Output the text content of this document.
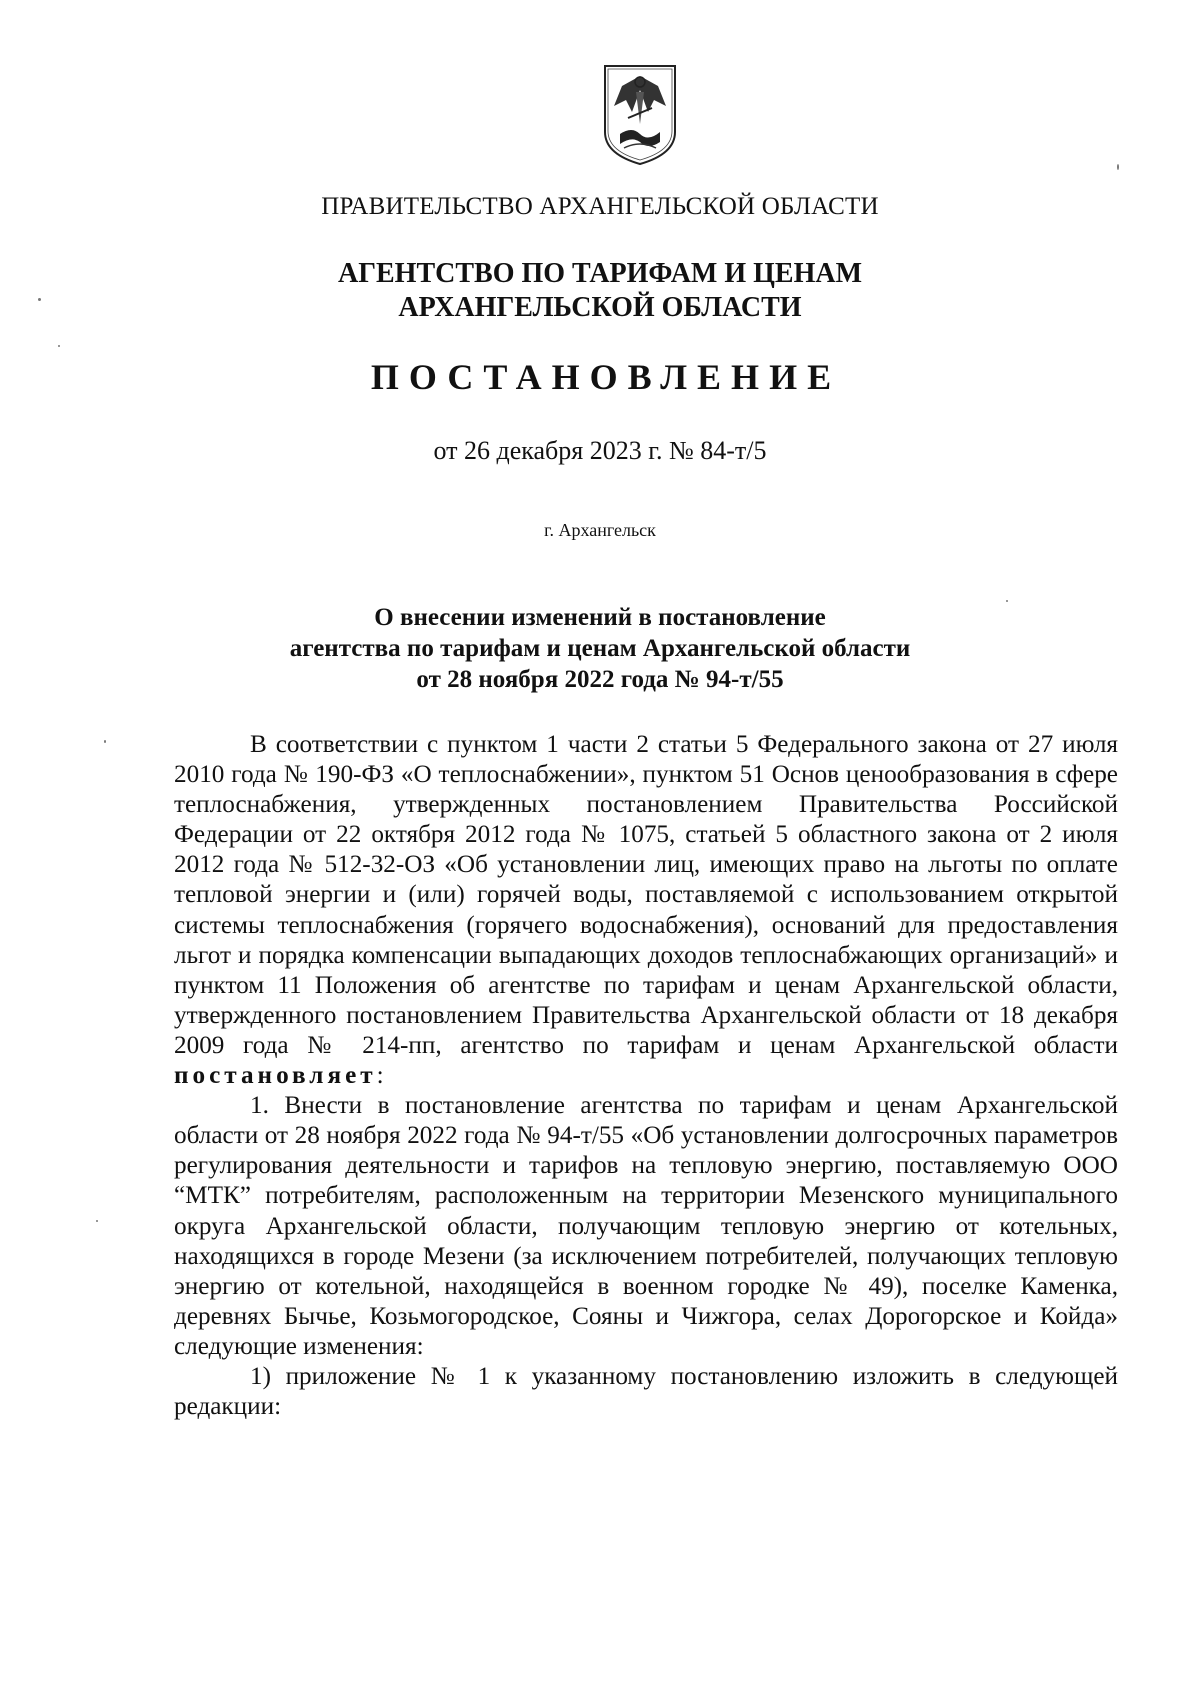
ПРАВИТЕЛЬСТВО АРХАНГЕЛЬСКОЙ ОБЛАСТИ
АГЕНТСТВО ПО ТАРИФАМ И ЦЕНАМ
АРХАНГЕЛЬСКОЙ ОБЛАСТИ
ПОСТАНОВЛЕНИЕ
от 26 декабря 2023 г. № 84-т/5
г. Архангельск
О внесении изменений в постановление
агентства по тарифам и ценам Архангельской области
от 28 ноября 2022 года № 94-т/55

В соответствии с пунктом 1 части 2 статьи 5 Федерального закона от 27 июля 2010 года № 190-ФЗ «О теплоснабжении», пунктом 51 Основ ценообразования в сфере теплоснабжения, утвержденных постановлением Правительства Российской Федерации от 22 октября 2012 года № 1075, статьей 5 областного закона от 2 июля 2012 года № 512-32-ОЗ «Об установлении лиц, имеющих право на льготы по оплате тепловой энергии и (или) горячей воды, поставляемой с использованием открытой системы теплоснабжения (горячего водоснабжения), оснований для предоставления льгот и порядка компенсации выпадающих доходов теплоснабжающих организаций» и пунктом 11 Положения об агентстве по тарифам и ценам Архангельской области, утвержденного постановлением Правительства Архангельской области от 18 декабря 2009 года № 214-пп, агентство по тарифам и ценам Архангельской области постановляет:

1. Внести в постановление агентства по тарифам и ценам Архангельской области от 28 ноября 2022 года № 94-т/55 «Об установлении долгосрочных параметров регулирования деятельности и тарифов на тепловую энергию, поставляемую ООО “МТК” потребителям, расположенным на территории Мезенского муниципального округа Архангельской области, получающим тепловую энергию от котельных, находящихся в городе Мезени (за исключением потребителей, получающих тепловую энергию от котельной, находящейся в военном городке № 49), поселке Каменка, деревнях Бычье, Козьмогородское, Сояны и Чижгора, селах Дорогорское и Койда» следующие изменения:

1) приложение № 1 к указанному постановлению изложить в следующей редакции:
